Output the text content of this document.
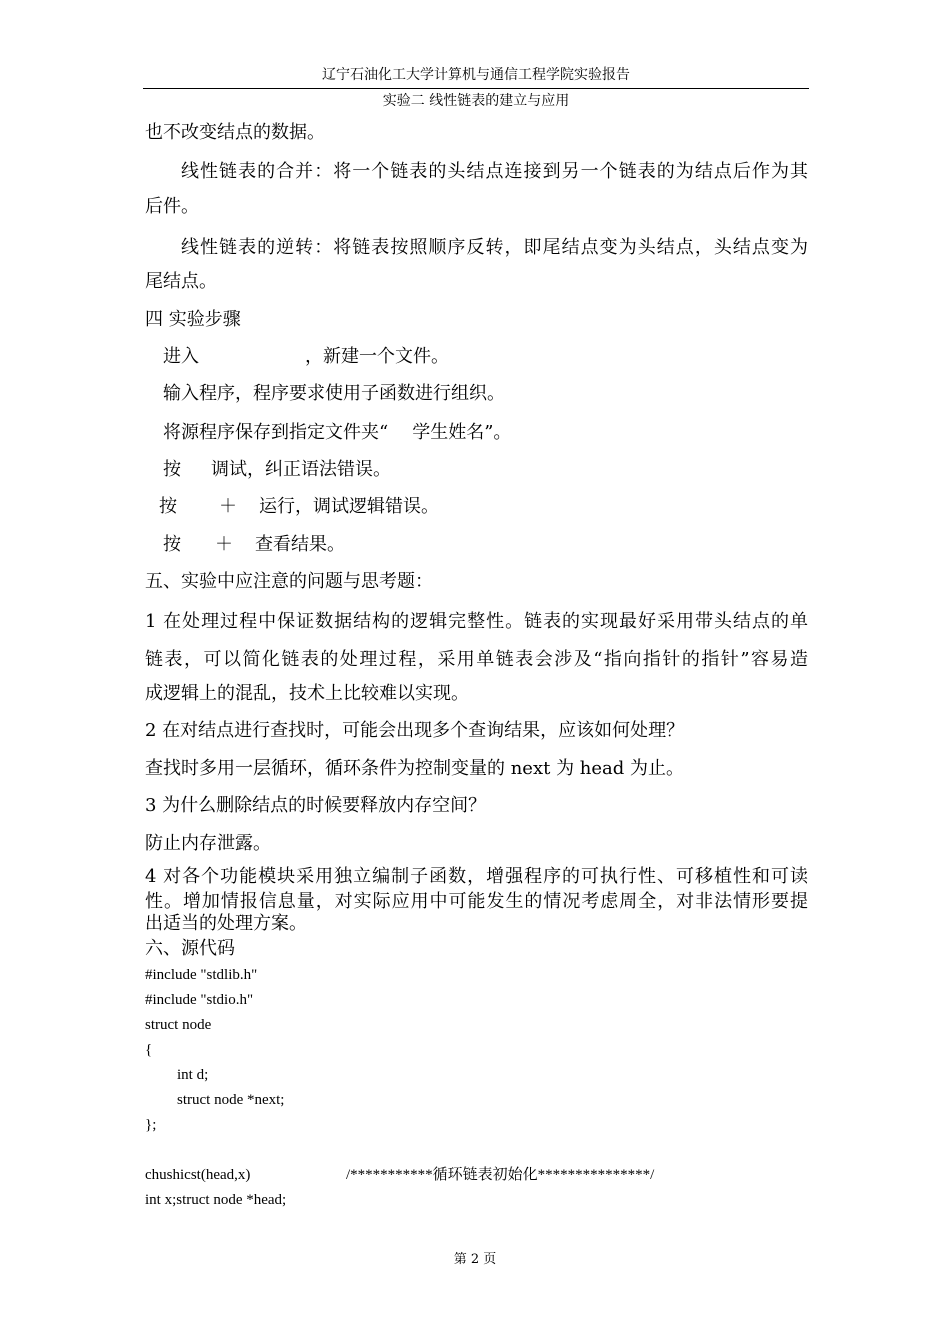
辽宁石油化工大学计算机与通信工程学院实验报告
实验二 线性链表的建立与应用
也不改变结点的数据。
线性链表的合并：将一个链表的头结点连接到另一个链表的为结点后作为其
后件。
线性链表的逆转：将链表按照顺序反转，即尾结点变为头结点，头结点变为
尾结点。
四 实验步骤
进入	，新建一个文件。
输入程序，程序要求使用子函数进行组织。
将源程序保存到指定文件夹“ 学生姓名”。
按 调试，纠正语法错误。
按 ＋ 运行，调试逻辑错误。
按 ＋ 查看结果。
五、实验中应注意的问题与思考题：
1 在处理过程中保证数据结构的逻辑完整性。链表的实现最好采用带头结点的单
链表，可以简化链表的处理过程，采用单链表会涉及“指向指针的指针”容易造
成逻辑上的混乱，技术上比较难以实现。
2 在对结点进行查找时，可能会出现多个查询结果，应该如何处理？
查找时多用一层循环，循环条件为控制变量的 next 为 head 为止。
3 为什么删除结点的时候要释放内存空间？
防止内存泄露。
4 对各个功能模块采用独立编制子函数，增强程序的可执行性、可移植性和可读
性。增加情报信息量，对实际应用中可能发生的情况考虑周全，对非法情形要提
出适当的处理方案。
六、源代码
#include "stdlib.h"
#include "stdio.h"
struct node
{
int d;
struct node *next;
};
chushicst(head,x)	/***********循环链表初始化***************/
int x;struct node *head;
第 2 页
